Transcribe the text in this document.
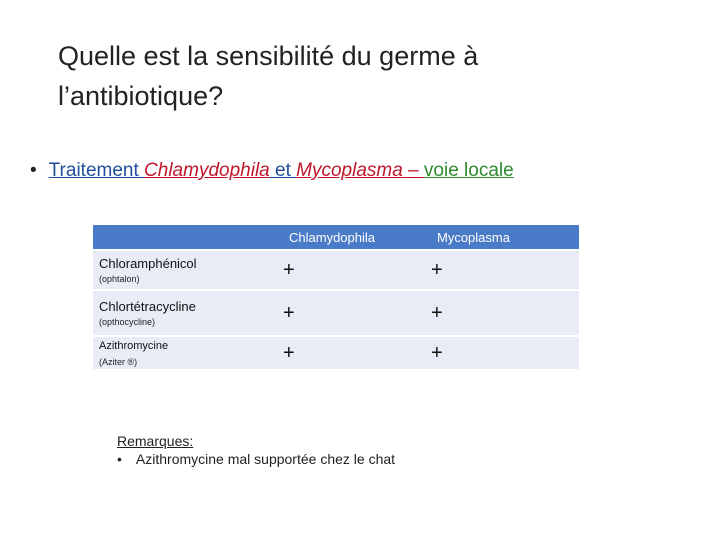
Quelle est la sensibilité du germe à l’antibiotique?
• Traitement Chlamydophila et Mycoplasma – voie locale
	Chlamydophila	Mycoplasma

Chloramphénicol
(ophtalon)	+	+

Chlortétracycline
(opthocycline)	+	+

Azithromycine
(Aziter ®)	+	+
Remarques:
• Azithromycine mal supportée chez le chat
